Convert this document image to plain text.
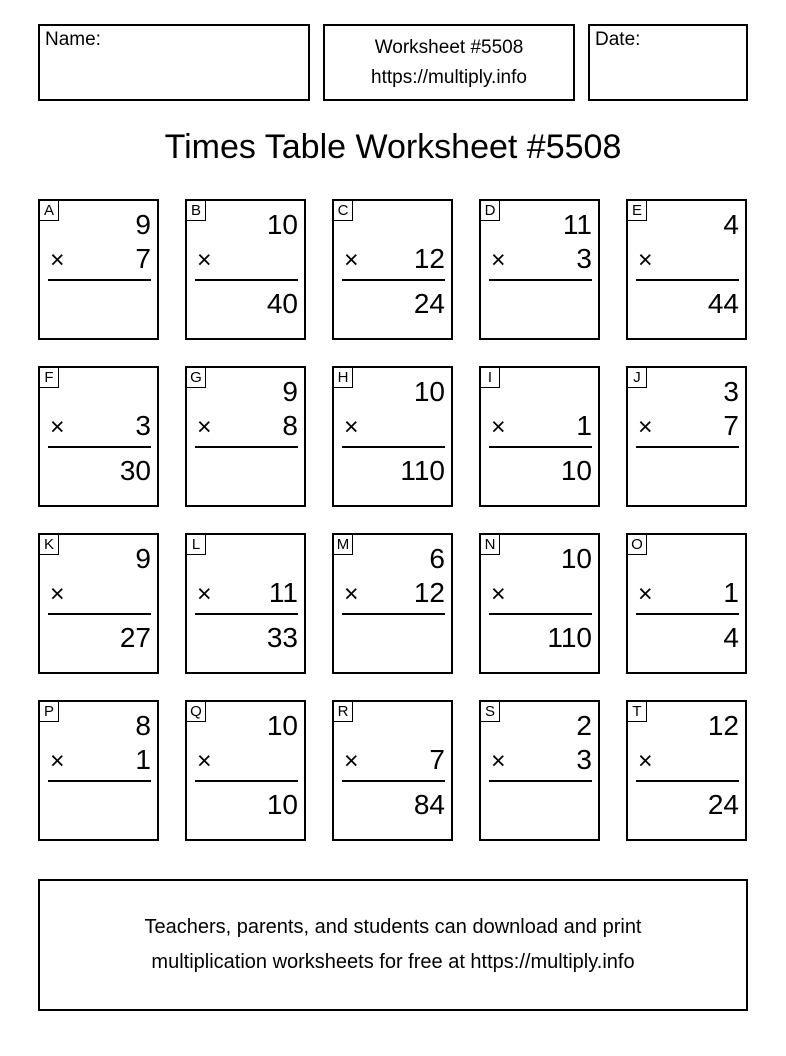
Name:	Worksheet #5508
https://multiply.info
Date:
Times Table Worksheet #5508
A	9
×	7
B 10
×
40
C
× 12
24
D 11
×	3
E	4
×
44
F
×	3
30
G	9
×	8
H 10
×
110
I
×	1
10
J	3
×	7
K	9
×
27
L
× 11
33
M	6
× 12
N 10
×
110
O
×	1
4
P	8
×	1
Q 10
×
10
R
×	7
84
S	2
×	3
T 12
×
24
Teachers, parents, and students can download and print
multiplication worksheets for free at https://multiply.info
